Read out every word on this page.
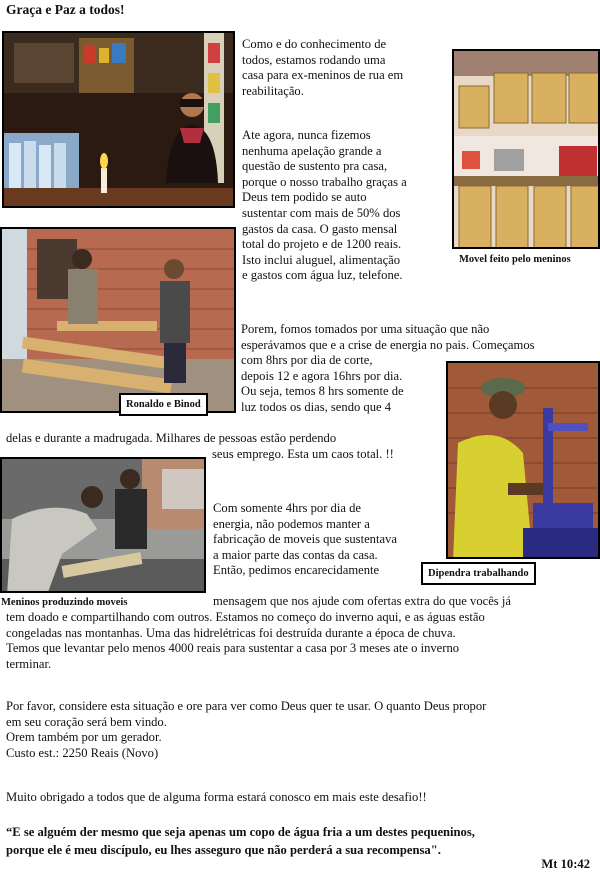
Graça e Paz a todos!
Como e do conhecimento de
todos, estamos rodando uma
casa para ex-meninos de rua em
reabilitação.
Movel feito pelo meninos
Ate agora, nunca fizemos
nenhuma apelação grande a
questão de sustento pra casa,
porque o nosso trabalho graças a
Deus tem podido se auto
sustentar com mais de 50% dos
gastos da casa. O gasto mensal
total do projeto e de 1200 reais.
Isto inclui aluguel, alimentação
e gastos com água luz, telefone.
Ronaldo e Binod
Porem, fomos tomados por uma situação que não
esperávamos que e a crise de energia no pais. Começamos
com 8hrs por dia de corte,
depois 12 e agora 16hrs por dia.
Ou seja, temos 8 hrs somente de
luz todos os dias, sendo que 4
Dipendra trabalhando
delas e durante a madrugada. Milhares de pessoas estão perdendo
seus emprego. Esta um caos total. !!
Meninos produzindo moveis
Com somente 4hrs por dia de
energia, não podemos manter a
fabricação de moveis que sustentava
a maior parte das contas da casa.
Então, pedimos encarecidamente
mensagem que nos ajude com ofertas extra do que vocês já
tem doado e compartilhando com outros. Estamos no começo do inverno aqui, e as águas estão
congeladas nas montanhas. Uma das hidrelétricas foi destruída durante a época de chuva.
Temos que levantar pelo menos 4000 reais para sustentar a casa por 3 meses ate o inverno
terminar.
Por favor, considere esta situação e ore para ver como Deus quer te usar. O quanto Deus propor
em seu coração será bem vindo.
Orem também por um gerador.
Custo est.: 2250 Reais (Novo)
Muito obrigado a todos que de alguma forma estará conosco em mais este desafio!!
“E se alguém der mesmo que seja apenas um copo de água fria a um destes pequeninos,
porque ele é meu discípulo, eu lhes asseguro que não perderá a sua recompensa".
Mt 10:42
